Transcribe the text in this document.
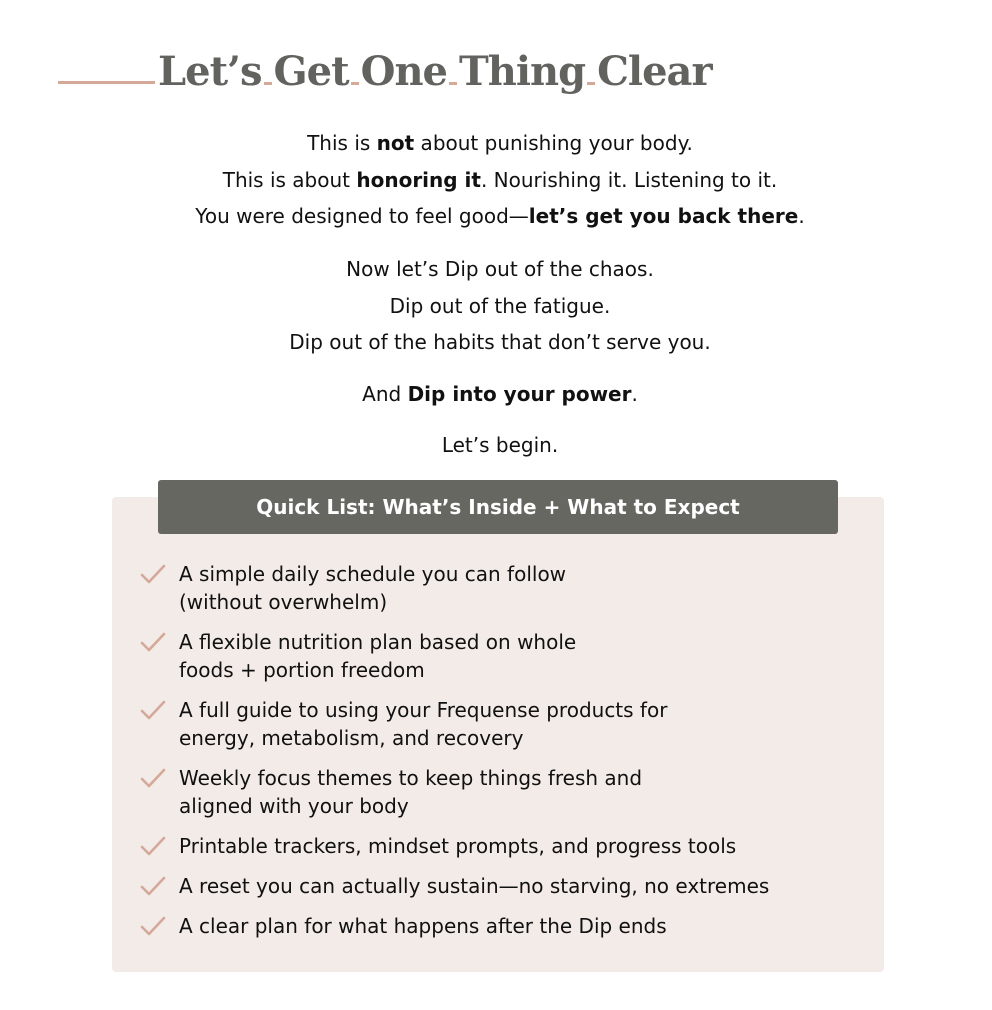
Let’s Get One Thing Clear

This is not about punishing your body.

This is about honoring it. Nourishing it. Listening to it.

You were designed to feel good—let’s get you back there.

Now let’s Dip out of the chaos.

Dip out of the fatigue.

Dip out of the habits that don’t serve you.

And Dip into your power.

Let’s begin.

Quick List: What’s Inside + What to Expect
A simple daily schedule you can follow
(without overwhelm)
A flexible nutrition plan based on whole
foods + portion freedom
A full guide to using your Frequense products for
energy, metabolism, and recovery
Weekly focus themes to keep things fresh and
aligned with your body
Printable trackers, mindset prompts, and progress tools
A reset you can actually sustain—no starving, no extremes
A clear plan for what happens after the Dip ends
